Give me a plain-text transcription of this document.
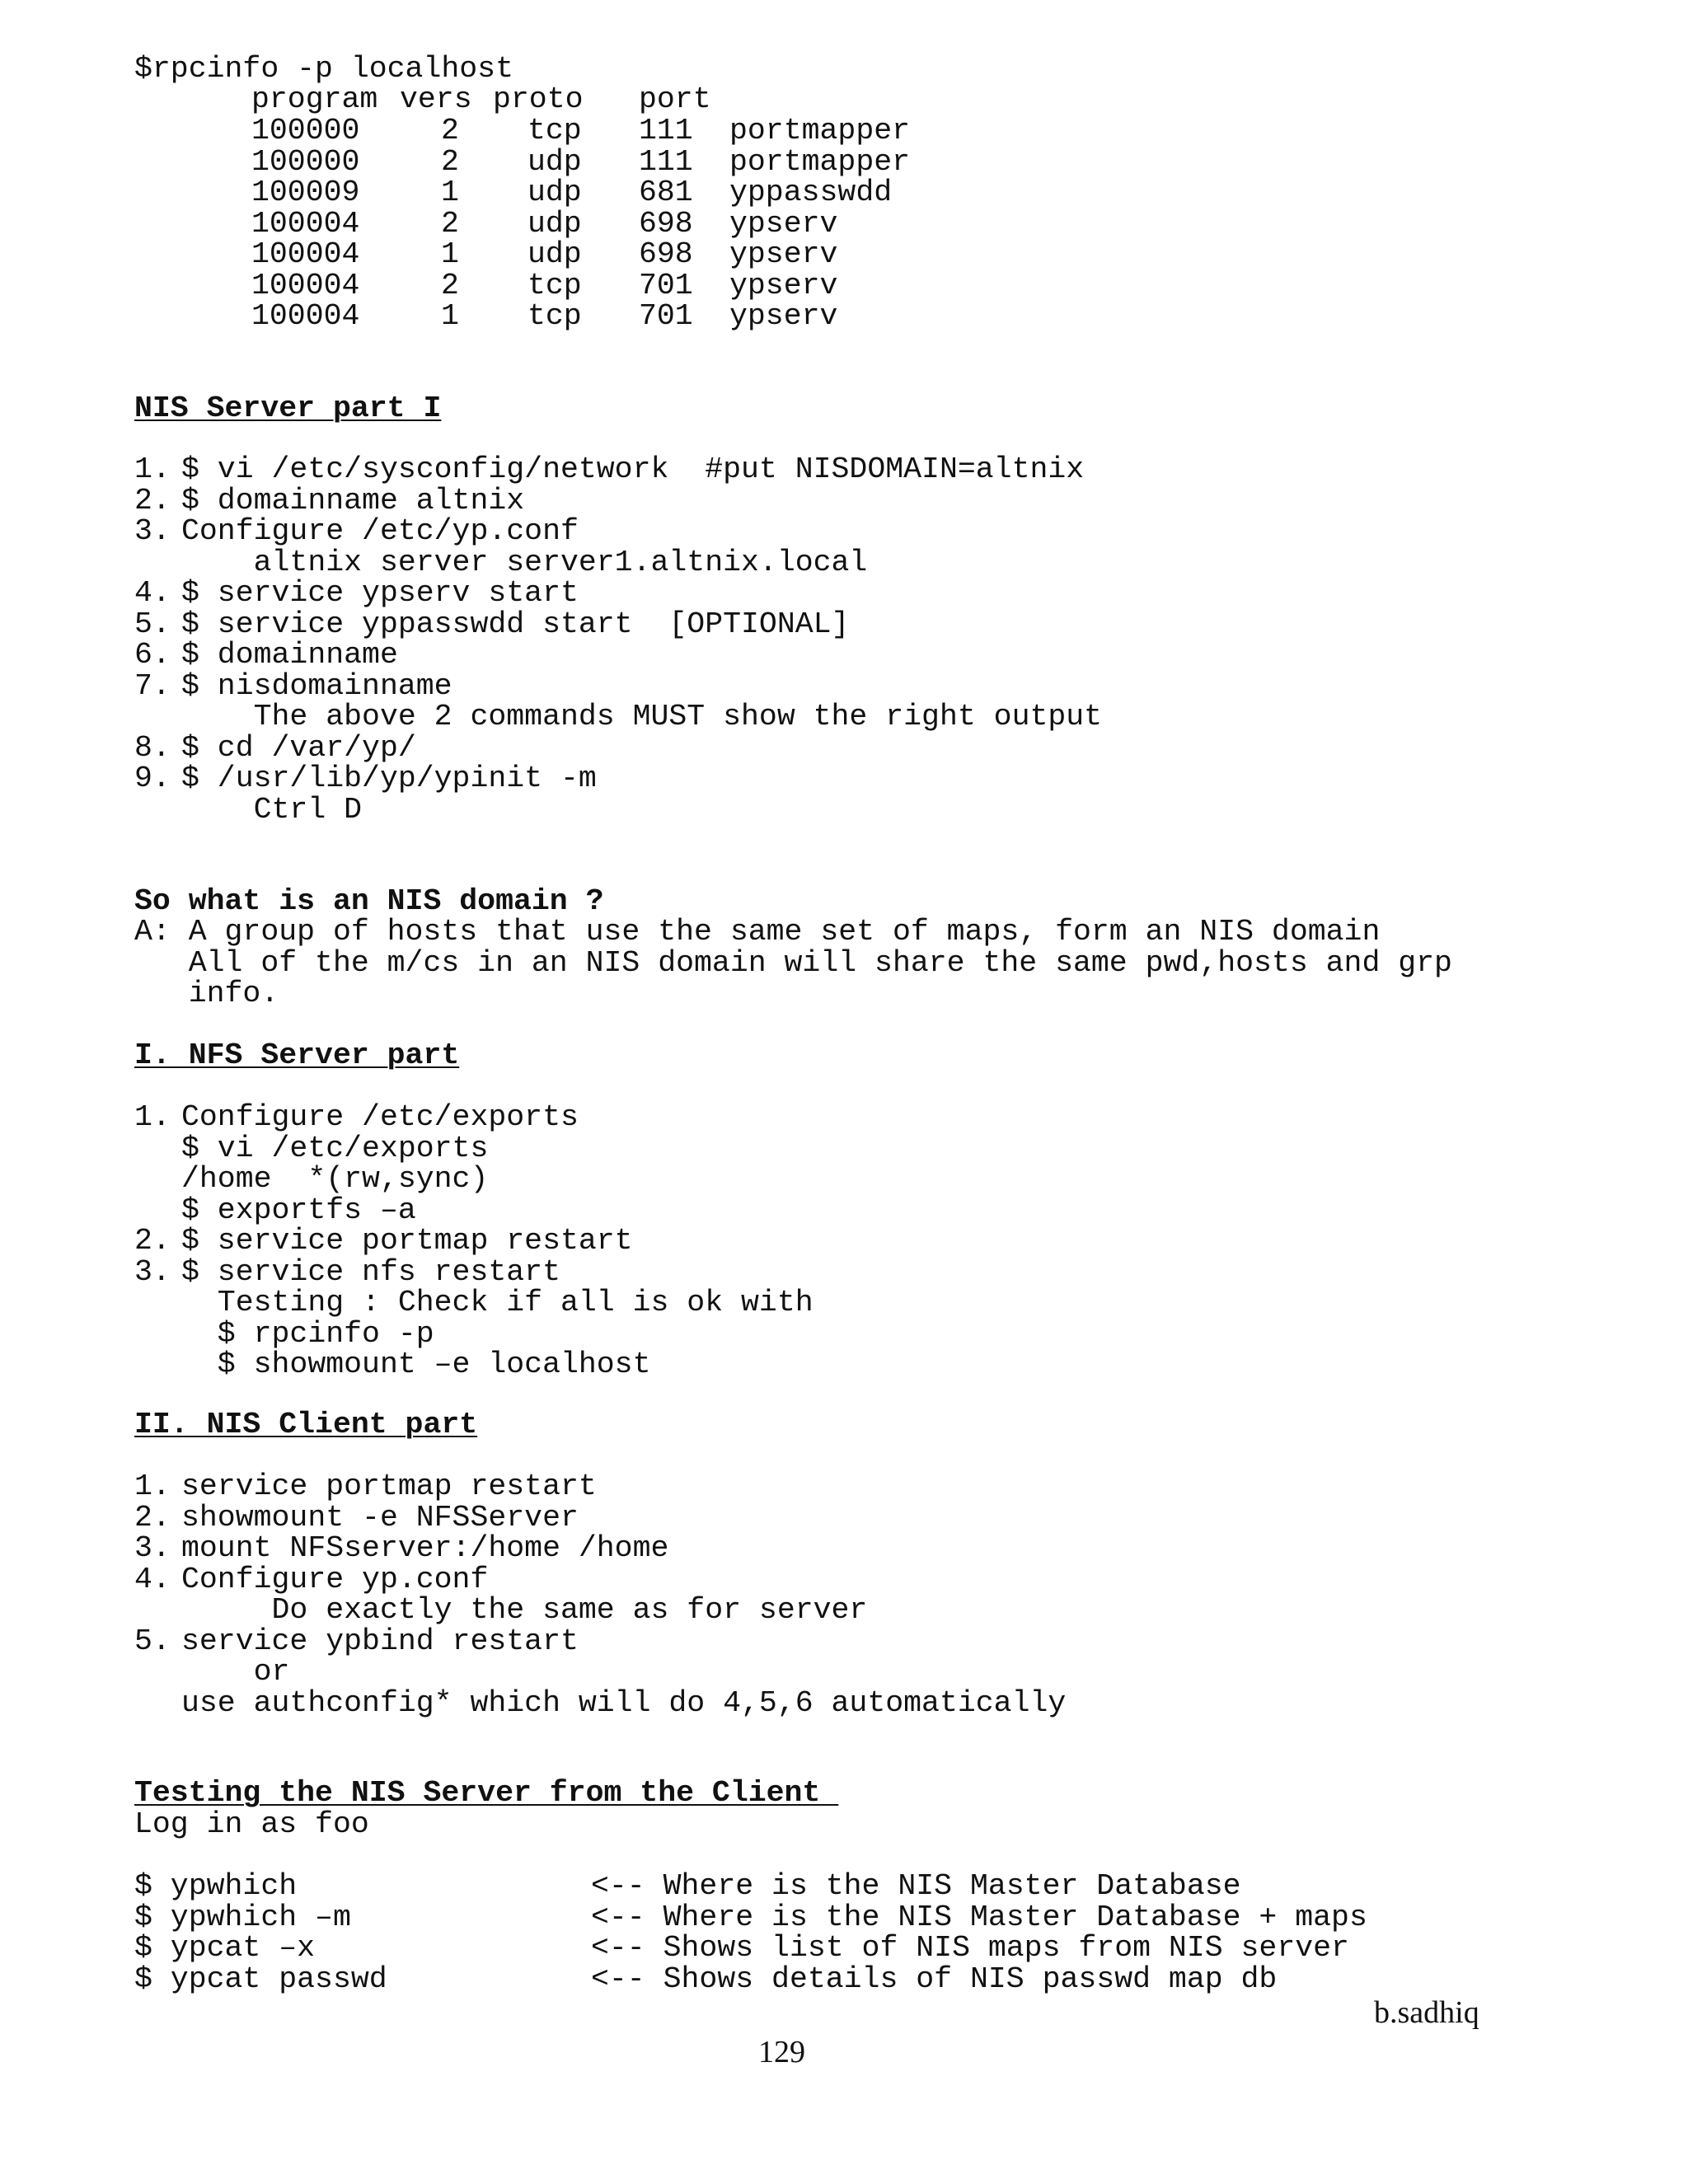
$rpcinfo -p localhost
program vers proto port
100000	2 tcp 111 portmapper
100000	2 udp 111 portmapper
100009	1 udp 681 yppasswdd
100004	2 udp 698 ypserv
100004	1 udp 698 ypserv
100004	2 tcp 701 ypserv
100004	1 tcp 701 ypserv
NIS Server part I
1. $ vi /etc/sysconfig/network  #put NISDOMAIN=altnix
2. $ domainname altnix
3. Configure /etc/yp.conf
altnix server server1.altnix.local
4. $ service ypserv start
5. $ service yppasswdd start  [OPTIONAL]
6. $ domainname
7. $ nisdomainname
The above 2 commands MUST show the right output
8. $ cd /var/yp/
9. $ /usr/lib/yp/ypinit -m
Ctrl D
So what is an NIS domain ?
A: A group of hosts that use the same set of maps, form an NIS domain
All of the m/cs in an NIS domain will share the same pwd,hosts and grp
info.
I. NFS Server part
1. Configure /etc/exports
$ vi /etc/exports
/home  *(rw,sync)
$ exportfs –a
2. $ service portmap restart
3. $ service nfs restart
Testing : Check if all is ok with
$ rpcinfo -p
$ showmount –e localhost
II. NIS Client part
1. service portmap restart
2. showmount -e NFSServer
3. mount NFSserver:/home /home
4. Configure yp.conf
Do exactly the same as for server
5. service ypbind restart
or
use authconfig* which will do 4,5,6 automatically
Testing the NIS Server from the Client
Log in as foo
$ ypwhich	<-- Where is the NIS Master Database
$ ypwhich –m	<-- Where is the NIS Master Database + maps
$ ypcat –x	<-- Shows list of NIS maps from NIS server
$ ypcat passwd	<-- Shows details of NIS passwd map db
b.sadhiq
129
